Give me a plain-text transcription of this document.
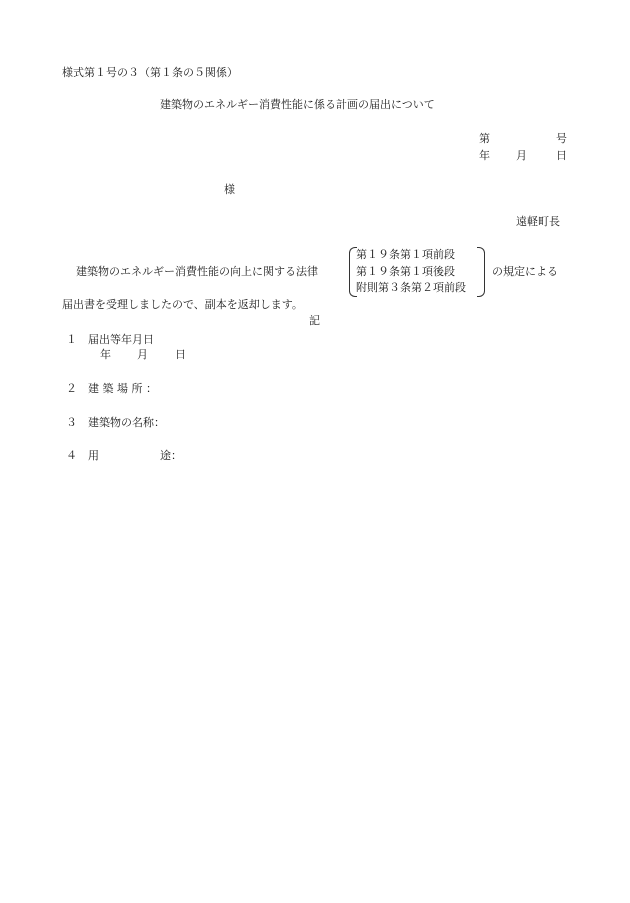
様式第１号の３（第１条の５関係）
建築物のエネルギー消費性能に係る計画の届出について
第	号
年 月	日
様
遠軽町長
建築物のエネルギー消費性能の向上に関する法律
第１９条第１項前段
第１９条第１項後段
附則第３条第２項前段
の規定による
届出書を受理しましたので、副本を返却します。
記
１ 届出等年月日
年 月 日
２ 建 築 場 所 ：
３ 建築物の名称：
４ 用	途：
